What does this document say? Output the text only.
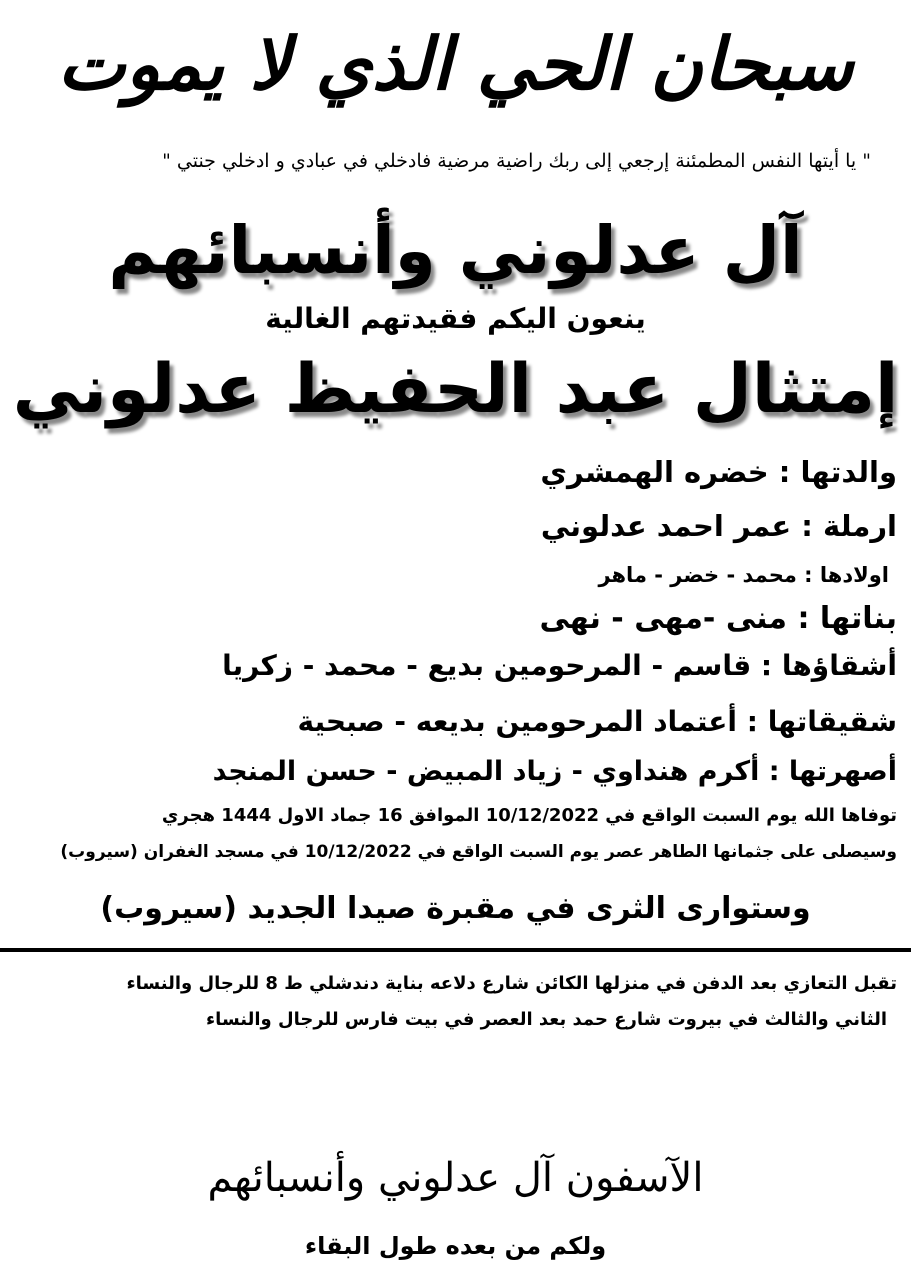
سبحان الحي الذي لا يموت
" يا أيتها النفس المطمئنة إرجعي إلى ربك راضية مرضية فادخلي في عبادي و ادخلي جنتي "
آل عدلوني وأنسبائهم
ينعون اليكم فقيدتهم الغالية
إمتثال عبد الحفيظ عدلوني
والدتها : خضره الهمشري
ارملة : عمر احمد عدلوني
اولادها : محمد - خضر - ماهر
بناتها : منى -مهى - نهى
أشقاؤها : قاسم - المرحومين بديع - محمد - زكريا
شقيقاتها : أعتماد المرحومين بديعه - صبحية
أصهرتها : أكرم هنداوي - زياد المبيض - حسن المنجد
توفاها الله يوم السبت الواقع في 10/12/2022 الموافق 16 جماد الاول 1444 هجري
وسيصلى على جثمانها الطاهر عصر يوم السبت الواقع في 10/12/2022 في مسجد الغفران (سيروب)
وستوارى الثرى في مقبرة صيدا الجديد (سيروب)
تقبل التعازي بعد الدفن في منزلها الكائن شارع دلاعه بناية دندشلي ط 8 للرجال والنساء
الثاني والثالث في بيروت شارع حمد بعد العصر في بيت فارس للرجال والنساء
الآسفون آل عدلوني وأنسبائهم
ولكم من بعده طول البقاء
